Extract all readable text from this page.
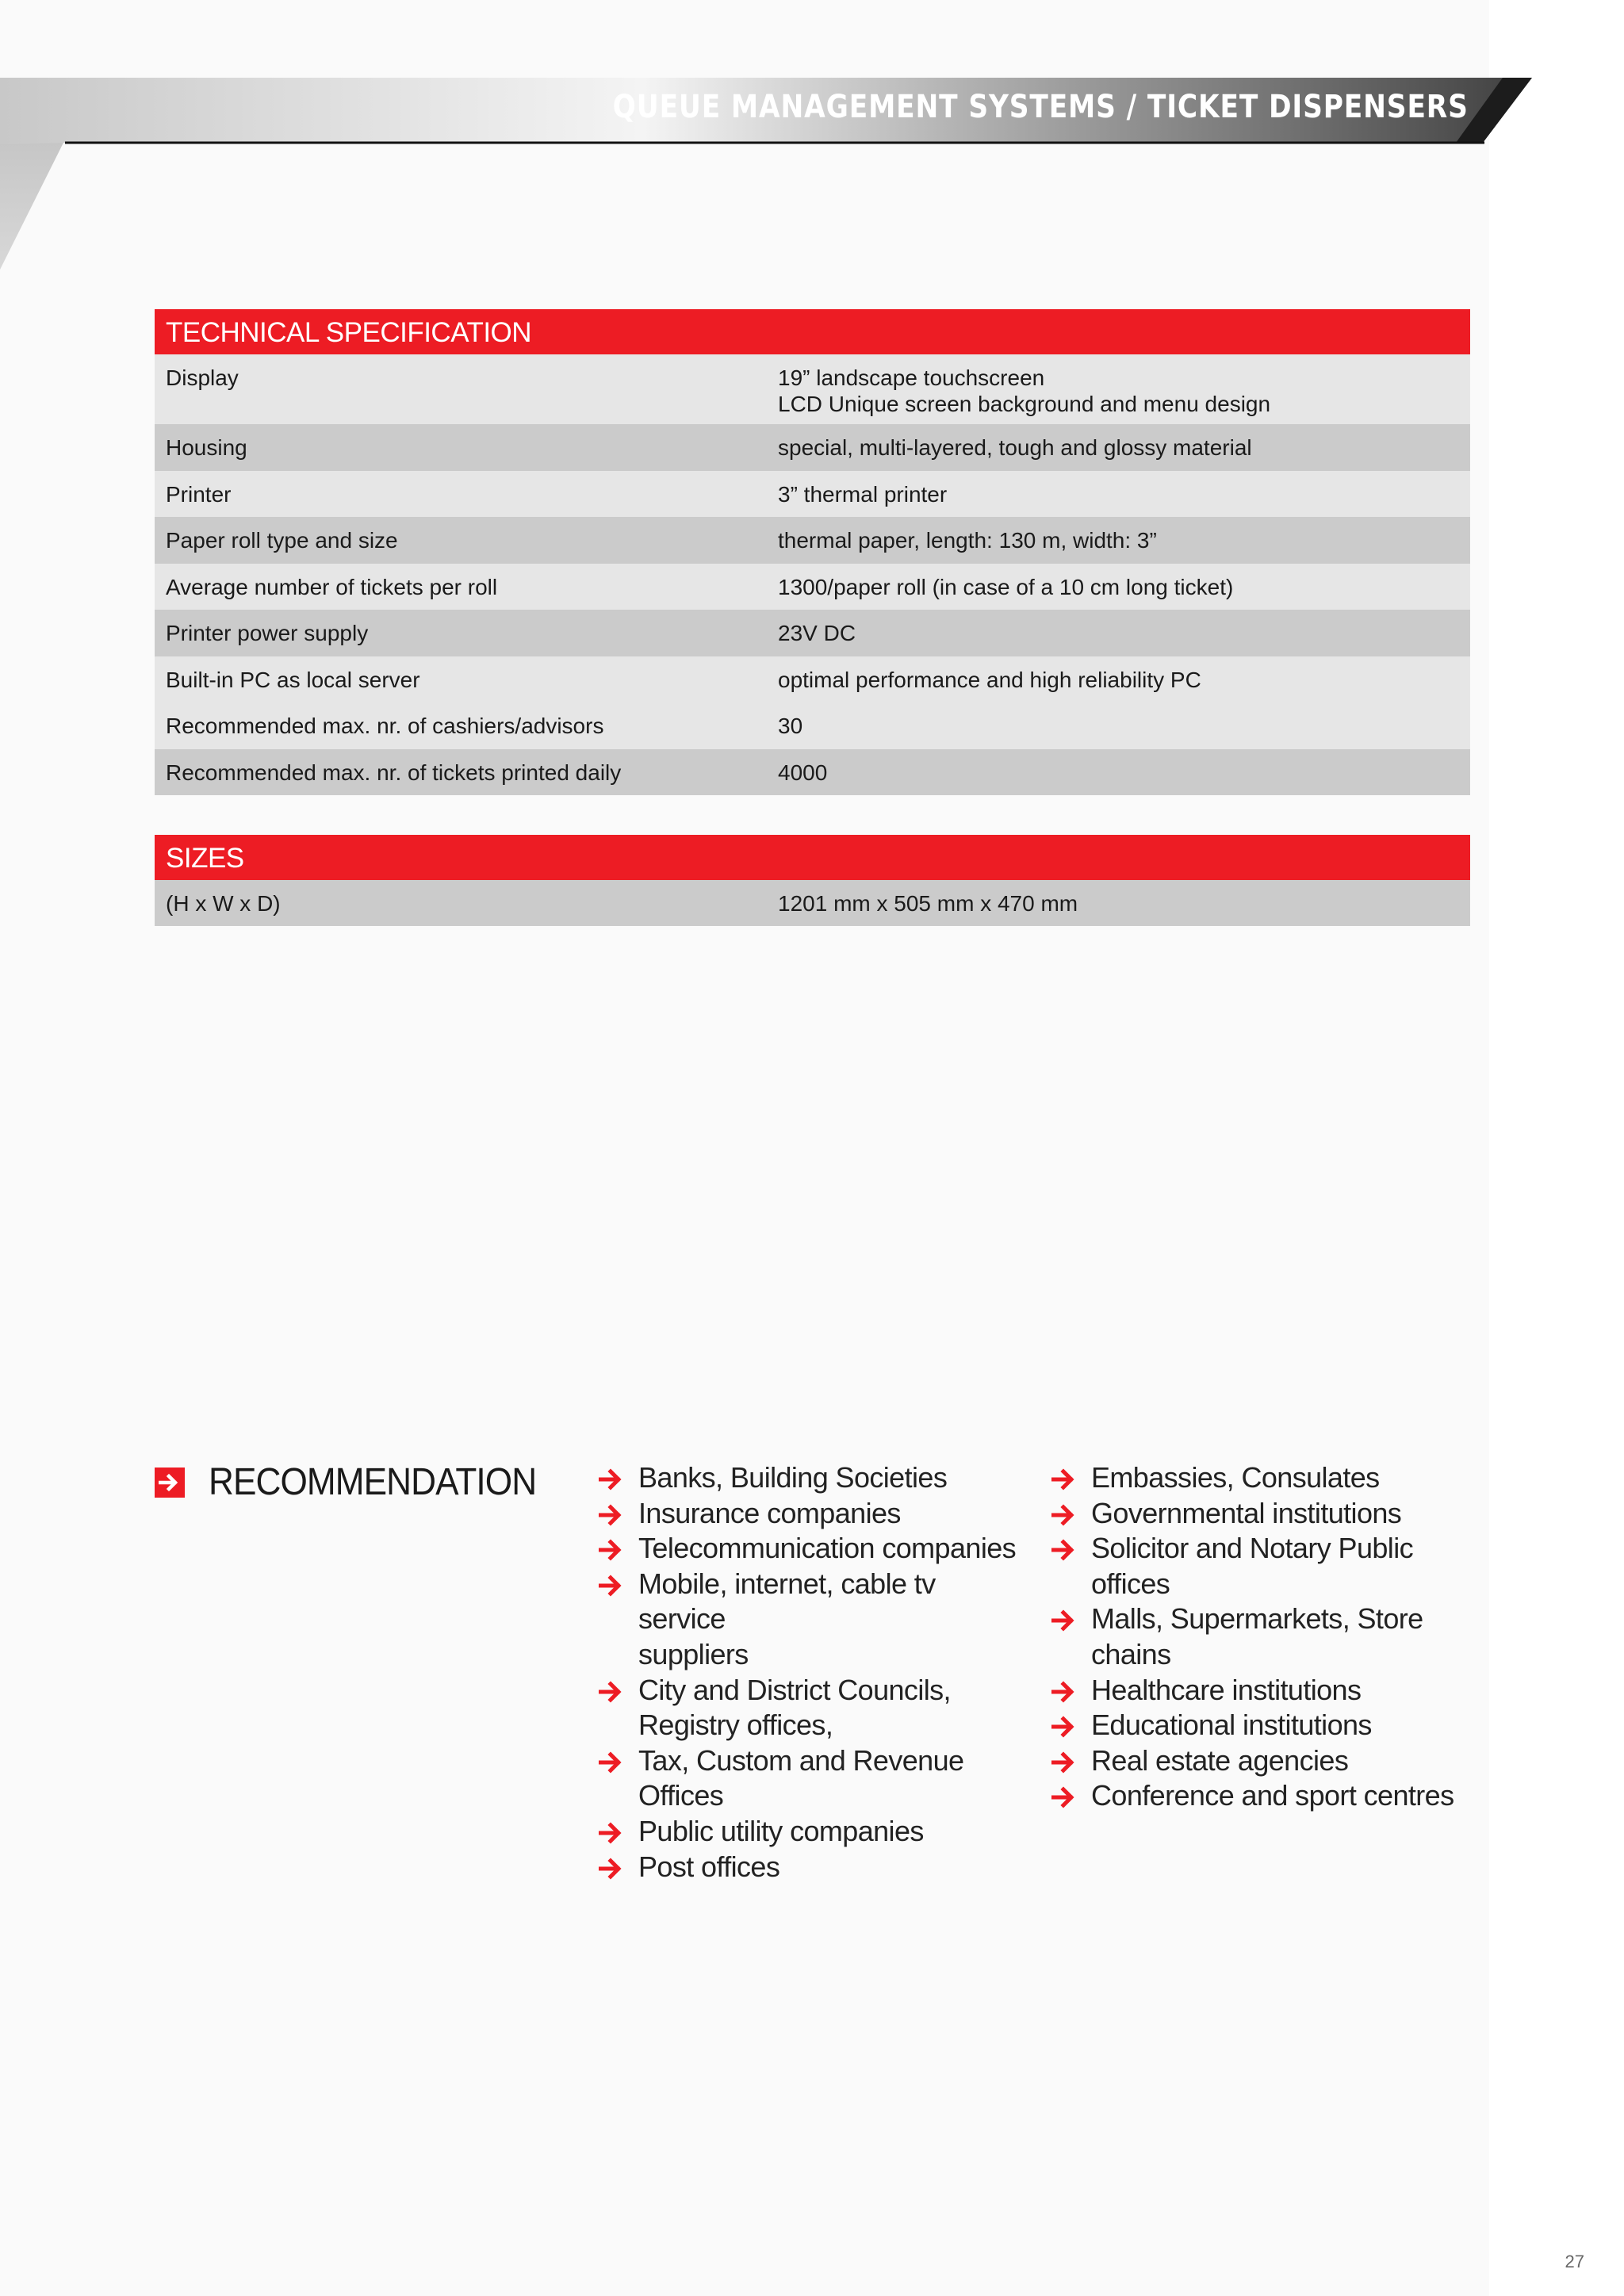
QUEUE MANAGEMENT SYSTEMS / TICKET DISPENSERS
TECHNICAL SPECIFICATION
Display	19” landscape touchscreen
LCD Unique screen background and menu design
Housing	special, multi-layered, tough and glossy material
Printer	3” thermal printer
Paper roll type and size	thermal paper, length: 130 m, width: 3”
Average number of tickets per roll	1300/paper roll (in case of a 10 cm long ticket)
Printer power supply	23V DC
Built-in PC as local server	optimal performance and high reliability PC
Recommended max. nr. of cashiers/advisors	30
Recommended max. nr. of tickets printed daily	4000
SIZES
(H x W x D)	1201 mm x 505 mm x 470 mm
RECOMMENDATION	Banks, Building Societies
Insurance companies
Telecommunication companies
Mobile, internet, cable tv service
suppliers
City and District Councils,
Registry offices,
Tax, Custom and Revenue Offices
Public utility companies
Post offices
Embassies, Consulates
Governmental institutions
Solicitor and Notary Public offices
Malls, Supermarkets, Store chains
Healthcare institutions
Educational institutions
Real estate agencies
Conference and sport centres
27
